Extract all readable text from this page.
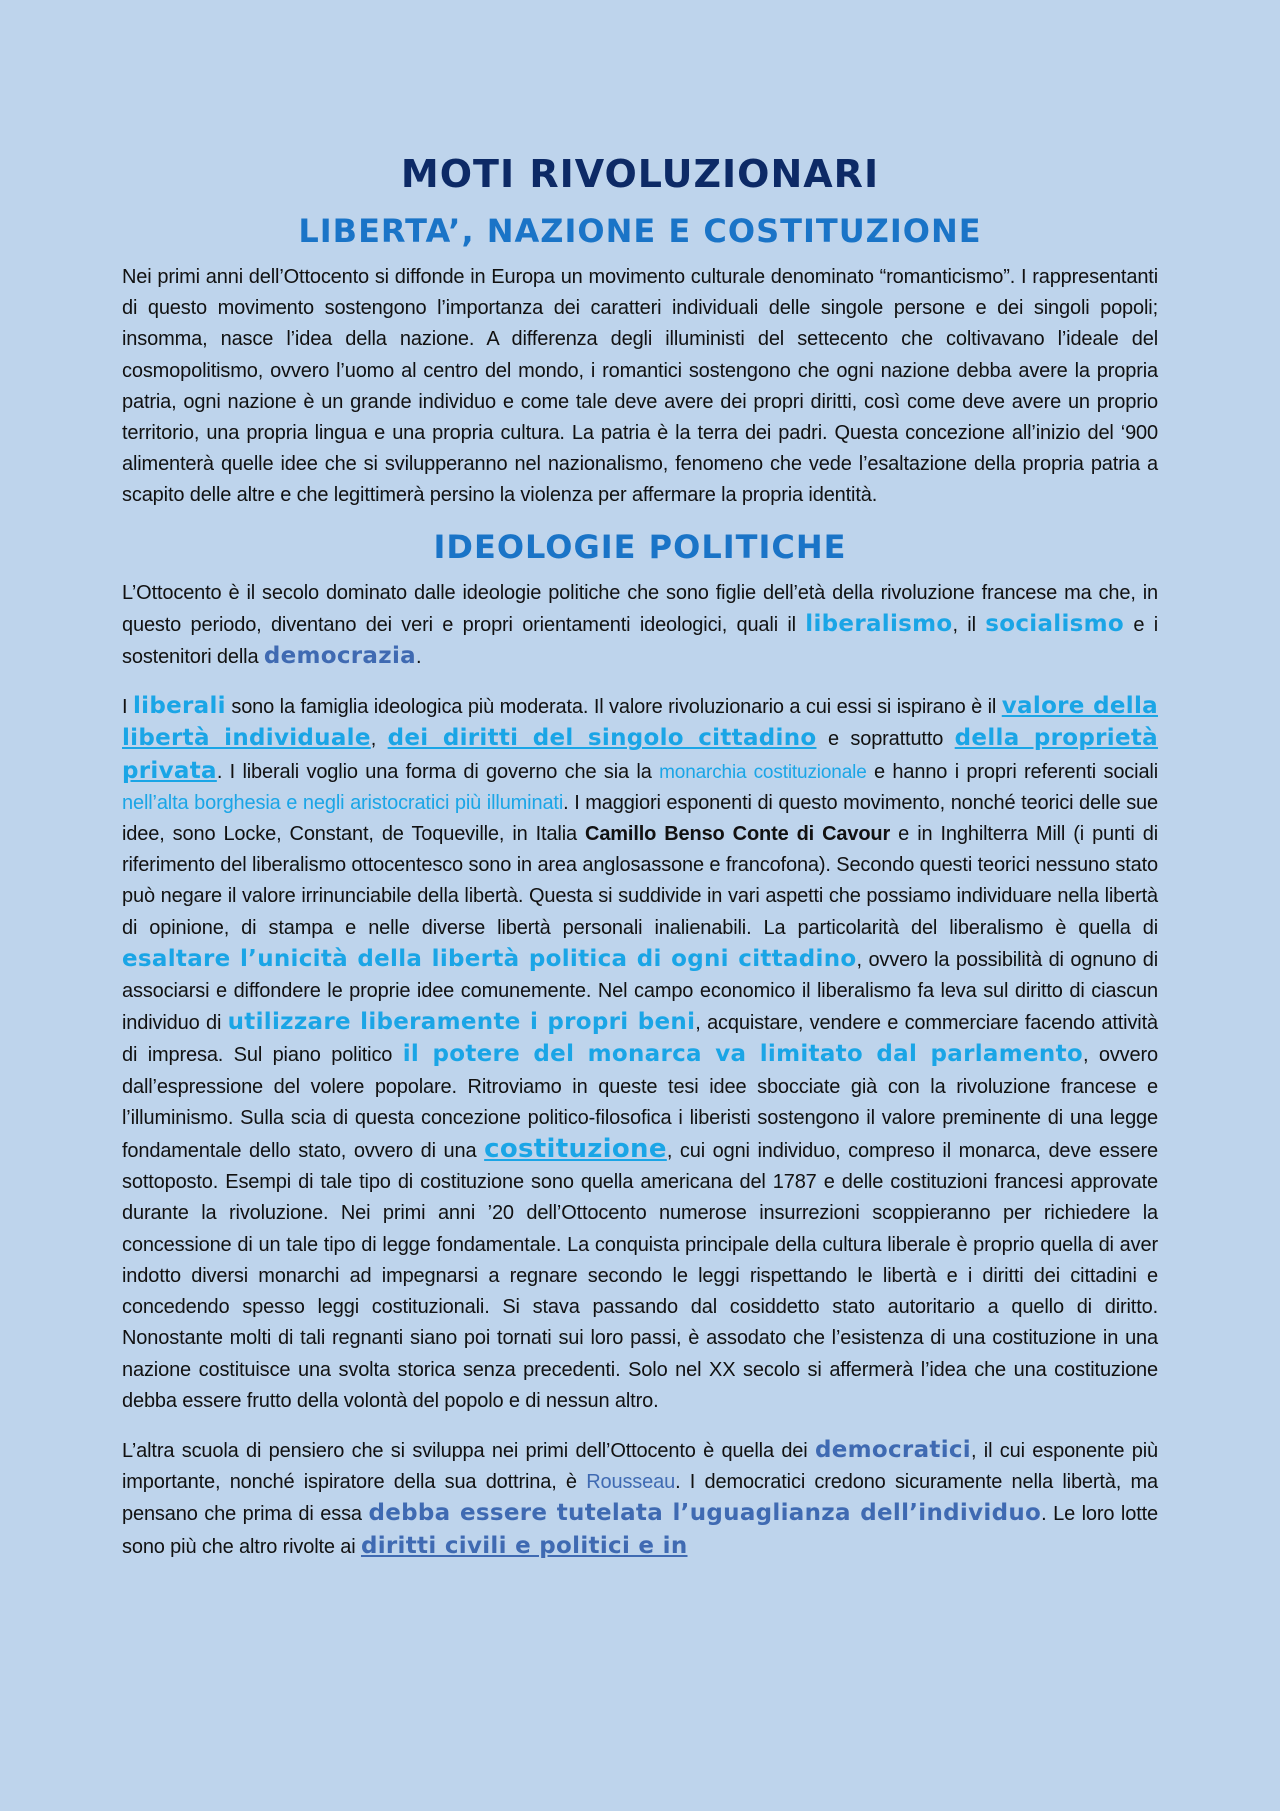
MOTI RIVOLUZIONARI
LIBERTA’, NAZIONE E COSTITUZIONE

Nei primi anni dell’Ottocento si diffonde in Europa un movimento culturale denominato “romanticismo”. I rappresentanti di questo movimento sostengono l’importanza dei caratteri individuali delle singole persone e dei singoli popoli; insomma, nasce l’idea della nazione. A differenza degli illuministi del settecento che coltivavano l’ideale del cosmopolitismo, ovvero l’uomo al centro del mondo, i romantici sostengono che ogni nazione debba avere la propria patria, ogni nazione è un grande individuo e come tale deve avere dei propri diritti, così come deve avere un proprio territorio, una propria lingua e una propria cultura. La patria è la terra dei padri. Questa concezione all’inizio del ‘900 alimenterà quelle idee che si svilupperanno nel nazionalismo, fenomeno che vede l’esaltazione della propria patria a scapito delle altre e che legittimerà persino la violenza per affermare la propria identità.

IDEOLOGIE POLITICHE

L’Ottocento è il secolo dominato dalle ideologie politiche che sono figlie dell’età della rivoluzione francese ma che, in questo periodo, diventano dei veri e propri orientamenti ideologici, quali il liberalismo, il socialismo e i sostenitori della democrazia.

I liberali sono la famiglia ideologica più moderata. Il valore rivoluzionario a cui essi si ispirano è il valore della libertà individuale, dei diritti del singolo cittadino e soprattutto della proprietà privata. I liberali voglio una forma di governo che sia la monarchia costituzionale e hanno i propri referenti sociali nell’alta borghesia e negli aristocratici più illuminati. I maggiori esponenti di questo movimento, nonché teorici delle sue idee, sono Locke, Constant, de Toqueville, in Italia Camillo Benso Conte di Cavour e in Inghilterra Mill (i punti di riferimento del liberalismo ottocentesco sono in area anglosassone e francofona). Secondo questi teorici nessuno stato può negare il valore irrinunciabile della libertà. Questa si suddivide in vari aspetti che possiamo individuare nella libertà di opinione, di stampa e nelle diverse libertà personali inalienabili. La particolarità del liberalismo è quella di esaltare l’unicità della libertà politica di ogni cittadino, ovvero la possibilità di ognuno di associarsi e diffondere le proprie idee comunemente. Nel campo economico il liberalismo fa leva sul diritto di ciascun individuo di utilizzare liberamente i propri beni, acquistare, vendere e commerciare facendo attività di impresa. Sul piano politico il potere del monarca va limitato dal parlamento, ovvero dall’espressione del volere popolare. Ritroviamo in queste tesi idee sbocciate già con la rivoluzione francese e l’illuminismo. Sulla scia di questa concezione politico-filosofica i liberisti sostengono il valore preminente di una legge fondamentale dello stato, ovvero di una costituzione, cui ogni individuo, compreso il monarca, deve essere sottoposto. Esempi di tale tipo di costituzione sono quella americana del 1787 e delle costituzioni francesi approvate durante la rivoluzione. Nei primi anni ’20 dell’Ottocento numerose insurrezioni scoppieranno per richiedere la concessione di un tale tipo di legge fondamentale. La conquista principale della cultura liberale è proprio quella di aver indotto diversi monarchi ad impegnarsi a regnare secondo le leggi rispettando le libertà e i diritti dei cittadini e concedendo spesso leggi costituzionali. Si stava passando dal cosiddetto stato autoritario a quello di diritto. Nonostante molti di tali regnanti siano poi tornati sui loro passi, è assodato che l’esistenza di una costituzione in una nazione costituisce una svolta storica senza precedenti. Solo nel XX secolo si affermerà l’idea che una costituzione debba essere frutto della volontà del popolo e di nessun altro.

L’altra scuola di pensiero che si sviluppa nei primi dell’Ottocento è quella dei democratici, il cui esponente più importante, nonché ispiratore della sua dottrina, è Rousseau. I democratici credono sicuramente nella libertà, ma pensano che prima di essa debba essere tutelata l’uguaglianza dell’individuo. Le loro lotte sono più che altro rivolte ai diritti civili e politici e in
